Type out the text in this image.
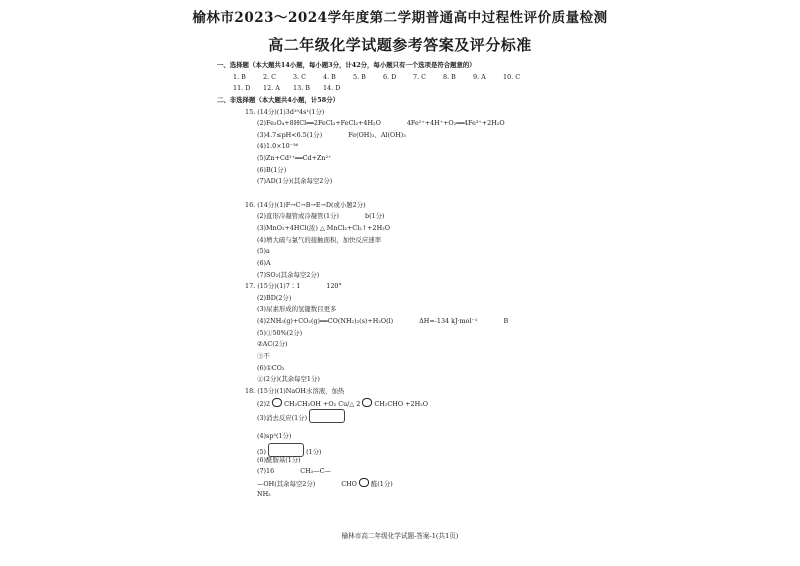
榆林市2023～2024学年度第二学期普通高中过程性评价质量检测
高二年级化学试题参考答案及评分标准
一、选择题（本大题共14小题，每小题3分，计42分，每小题只有一个选项是符合题意的）
1. B	2. C	3. C	4. B	5. B	6. D	7. C	8. B	9. A	10. C
11. D 12. A 13. B 14. D
二、非选择题（本大题共4小题，计58分）
15. (14分)(1)3d¹⁰4s¹(1分)
(2)Fe₃O₄+8HCl══2FeCl₃+FeCl₂+4H₂O	4Fe²⁺+4H⁺+O₂══4Fe³⁺+2H₂O
(3)4.7≤pH<6.5(1分)	Fe(OH)₃、Al(OH)₃
(4)1.0×10⁻³⁶
(5)Zn+Cd²⁺══Cd+Zn²⁺
(6)B(1分)
(7)AD(1分)(其余每空2分)
16. (14分)(1)F→C→B→E→D(或小题2分)
(2)直形冷凝管或冷凝管(1分)	b(1分)
(3)MnO₂+4HCl(浓) △ MnCl₂+Cl₂↑+2H₂O
(4)增大硫与氯气的接触面积，加快反应速率
(5)a
(6)A
(7)SO₂(其余每空2分)
17. (15分)(1)7∶1	120°
(2)BD(2分)
(3)尿素形成的氢键数目更多
(4)2NH₃(g)+CO₂(g)══CO(NH₂)₂(s)+H₂O(l)	ΔH=-134 kJ·mol⁻¹	B
(5)①50%(2分)
②AC(2分)
③不
(6)①CO₂
②(2分)(其余每空1分)
18. (15分)(1)NaOH水溶液，加热
(2)2 CH₂CH₂OH +O₂ Cu/△ 2 CH₂CHO +2H₂O
(3)消去反应(1分)
(4)sp³(1分)
(5)	(1分)
(6)酰胺基(1分)
(7)16	CH₃—C—
—OH(其余每空2分)	CHO 醛(1分)
NH₂
榆林市高二年级化学试题-答案-1(共1页)
